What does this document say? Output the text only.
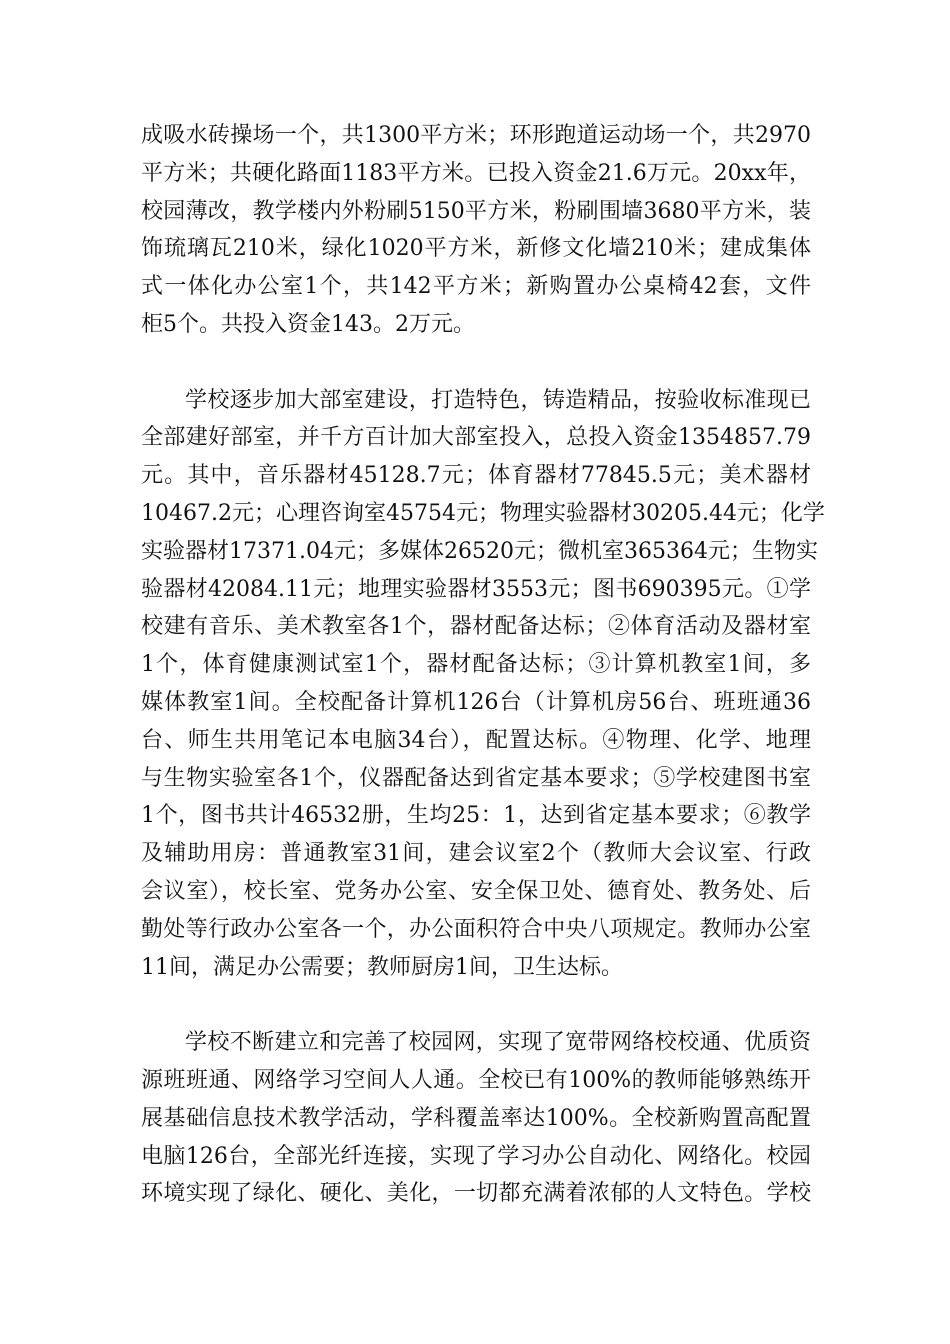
成吸水砖操场一个，共1300平方米；环形跑道运动场一个，共2970
平方米；共硬化路面1183平方米。已投入资金21.6万元。20xx年，
校园薄改，教学楼内外粉刷5150平方米，粉刷围墙3680平方米，装
饰琉璃瓦210米，绿化1020平方米，新修文化墙210米；建成集体
式一体化办公室1个，共142平方米；新购置办公桌椅42套，文件
柜5个。共投入资金143。2万元。

学校逐步加大部室建设，打造特色，铸造精品，按验收标准现已
全部建好部室，并千方百计加大部室投入，总投入资金1354857.79
元。其中，音乐器材45128.7元；体育器材77845.5元；美术器材
10467.2元；心理咨询室45754元；物理实验器材30205.44元；化学
实验器材17371.04元；多媒体26520元；微机室365364元；生物实
验器材42084.11元；地理实验器材3553元；图书690395元。①学
校建有音乐、美术教室各1个，器材配备达标；②体育活动及器材室
1个，体育健康测试室1个，器材配备达标；③计算机教室1间，多
媒体教室1间。全校配备计算机126台（计算机房56台、班班通36
台、师生共用笔记本电脑34台），配置达标。④物理、化学、地理
与生物实验室各1个，仪器配备达到省定基本要求；⑤学校建图书室
1个，图书共计46532册，生均25：1，达到省定基本要求；⑥教学
及辅助用房：普通教室31间，建会议室2个（教师大会议室、行政
会议室），校长室、党务办公室、安全保卫处、德育处、教务处、后
勤处等行政办公室各一个，办公面积符合中央八项规定。教师办公室
11间，满足办公需要；教师厨房1间，卫生达标。

学校不断建立和完善了校园网，实现了宽带网络校校通、优质资
源班班通、网络学习空间人人通。全校已有100%的教师能够熟练开
展基础信息技术教学活动，学科覆盖率达100%。全校新购置高配置
电脑126台，全部光纤连接，实现了学习办公自动化、网络化。校园
环境实现了绿化、硬化、美化，一切都充满着浓郁的人文特色。学校
